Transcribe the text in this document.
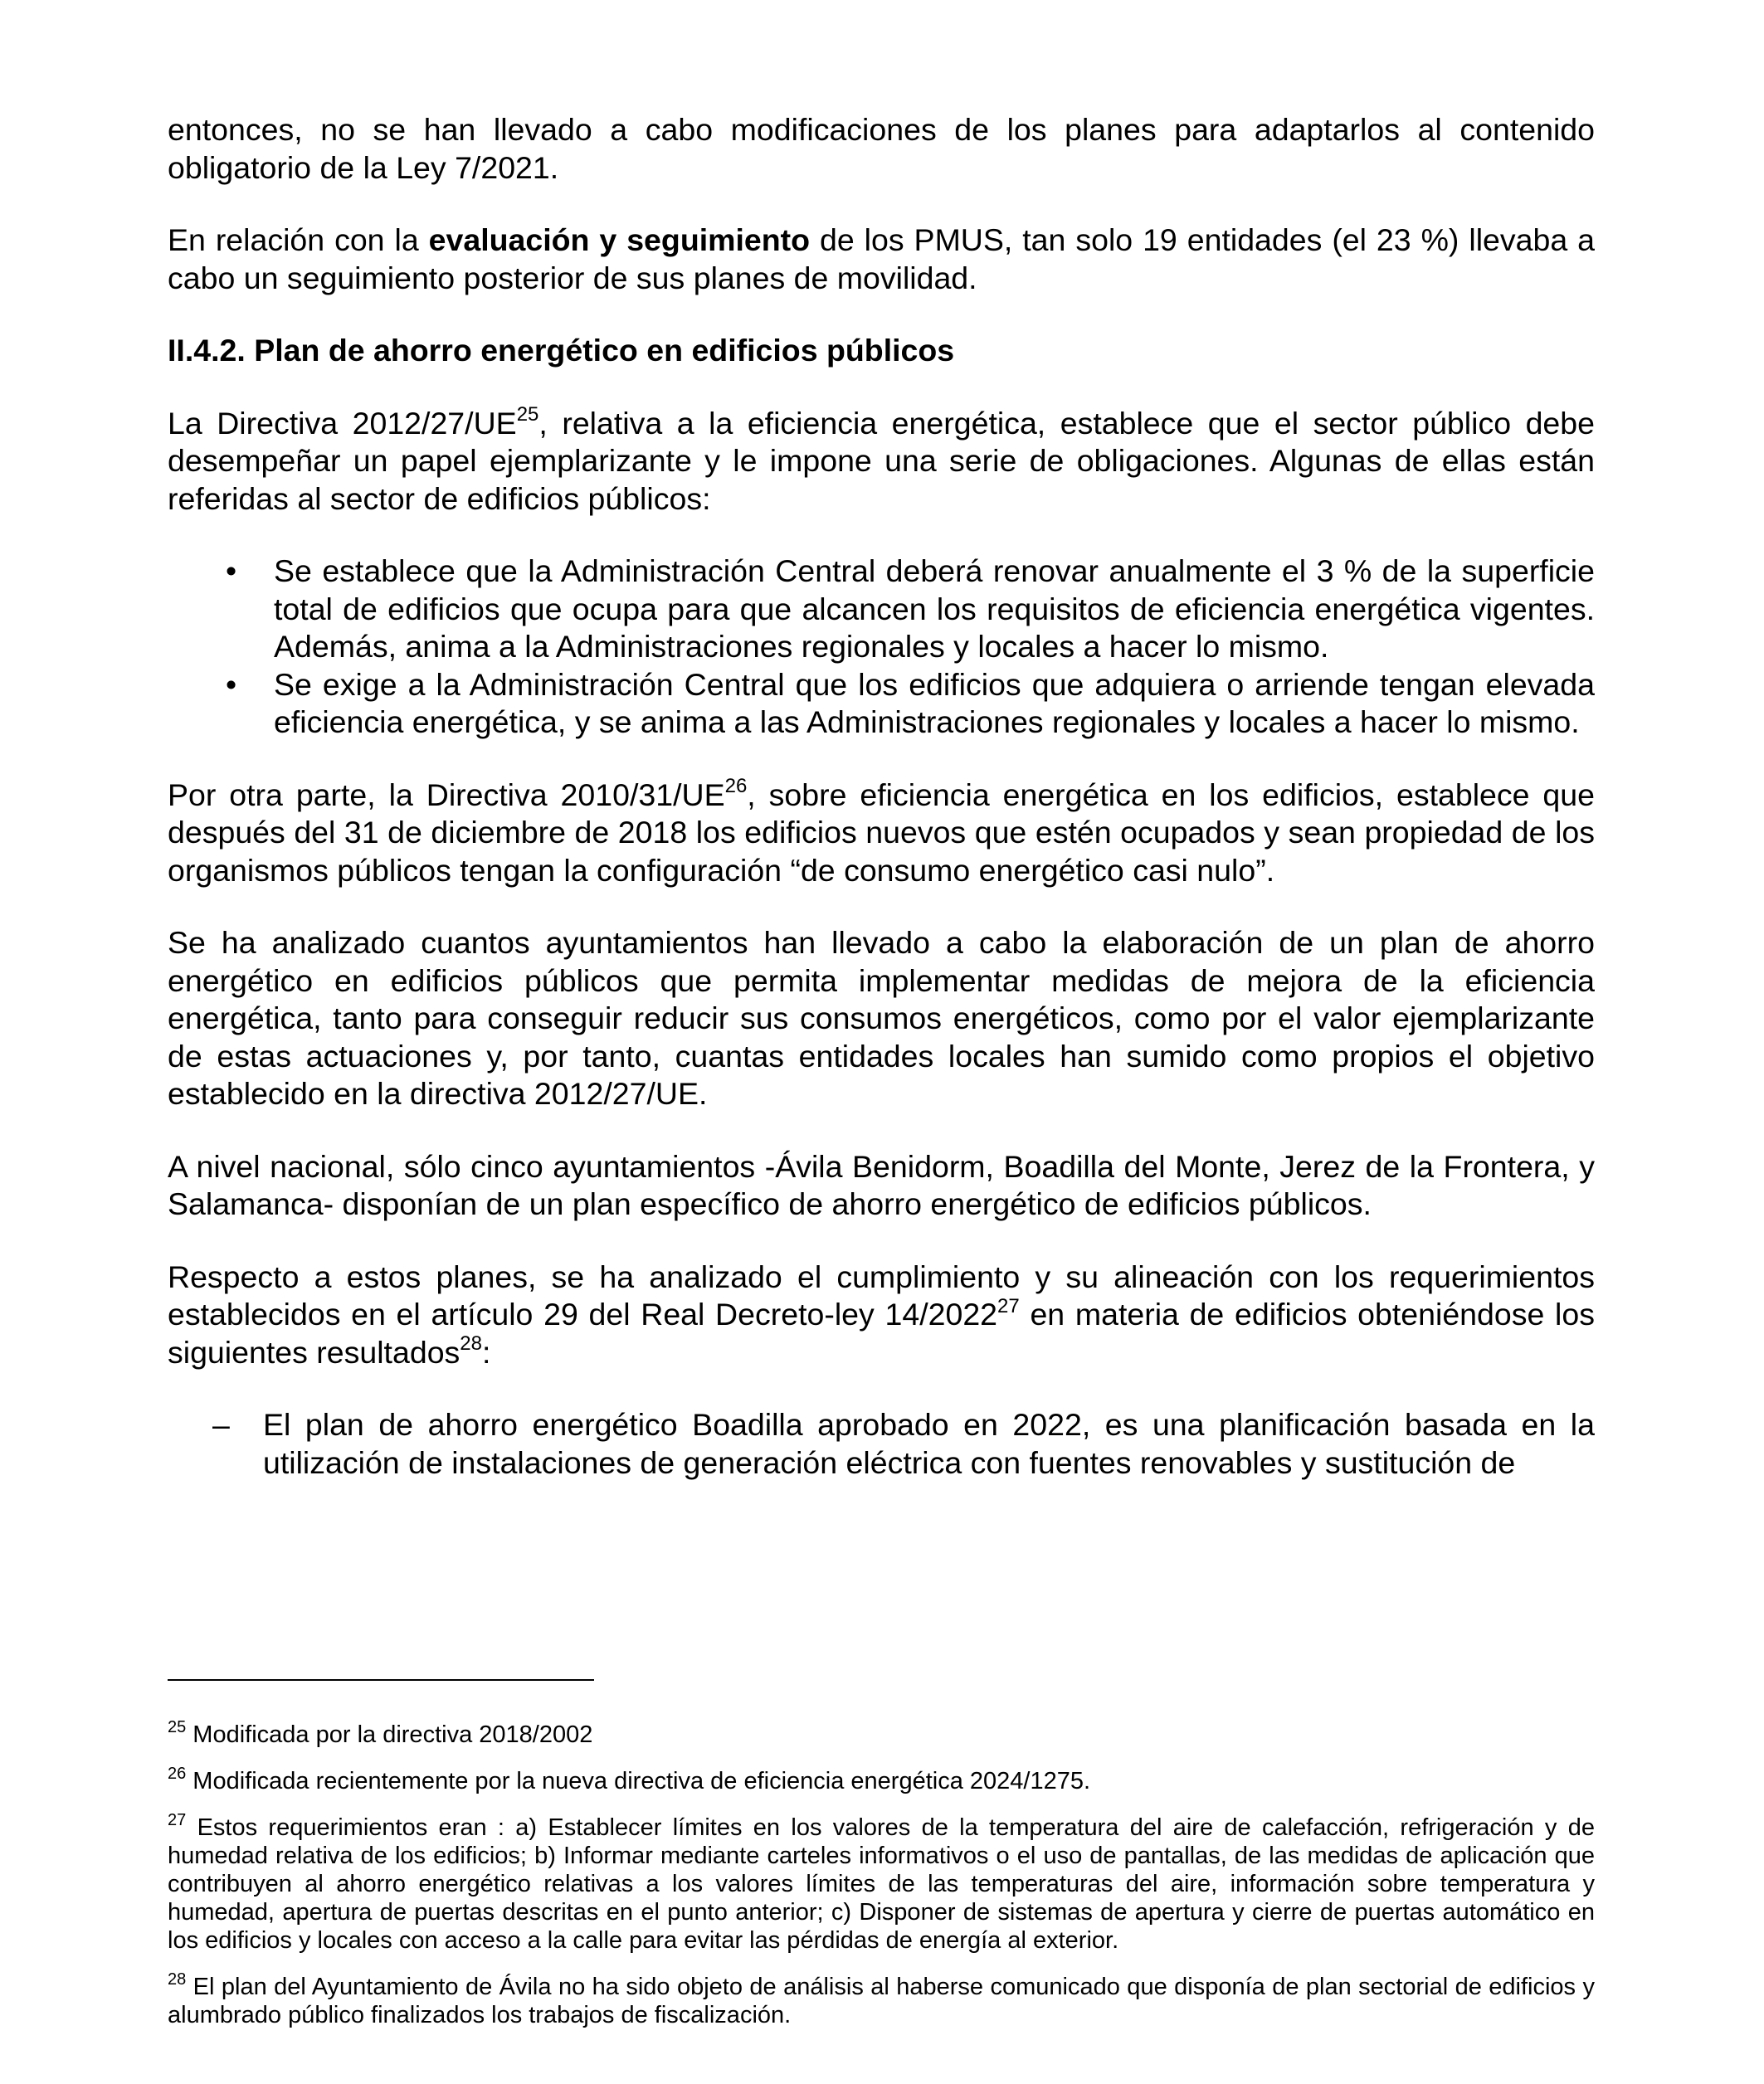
entonces, no se han llevado a cabo modificaciones de los planes para adaptarlos al contenido obligatorio de la Ley 7/2021.

En relación con la evaluación y seguimiento de los PMUS, tan solo 19 entidades (el 23 %) llevaba a cabo un seguimiento posterior de sus planes de movilidad.

II.4.2. Plan de ahorro energético en edificios públicos

La Directiva 2012/27/UE$^{25}$, relativa a la eficiencia energética, establece que el sector público debe desempeñar un papel ejemplarizante y le impone una serie de obligaciones. Algunas de ellas están referidas al sector de edificios públicos:

• Se establece que la Administración Central deberá renovar anualmente el 3 % de la superficie total de edificios que ocupa para que alcancen los requisitos de eficiencia energética vigentes. Además, anima a la Administraciones regionales y locales a hacer lo mismo.
• Se exige a la Administración Central que los edificios que adquiera o arriende tengan elevada eficiencia energética, y se anima a las Administraciones regionales y locales a hacer lo mismo.

Por otra parte, la Directiva 2010/31/UE$^{26}$, sobre eficiencia energética en los edificios, establece que después del 31 de diciembre de 2018 los edificios nuevos que estén ocupados y sean propiedad de los organismos públicos tengan la configuración “de consumo energético casi nulo”.

Se ha analizado cuantos ayuntamientos han llevado a cabo la elaboración de un plan de ahorro energético en edificios públicos que permita implementar medidas de mejora de la eficiencia energética, tanto para conseguir reducir sus consumos energéticos, como por el valor ejemplarizante de estas actuaciones y, por tanto, cuantas entidades locales han sumido como propios el objetivo establecido en la directiva 2012/27/UE.

A nivel nacional, sólo cinco ayuntamientos -Ávila Benidorm, Boadilla del Monte, Jerez de la Frontera, y Salamanca- disponían de un plan específico de ahorro energético de edificios públicos.

Respecto a estos planes, se ha analizado el cumplimiento y su alineación con los requerimientos establecidos en el artículo 29 del Real Decreto-ley 14/2022$^{27}$ en materia de edificios obteniéndose los siguientes resultados$^{28}$:

– El plan de ahorro energético Boadilla aprobado en 2022, es una planificación basada en la utilización de instalaciones de generación eléctrica con fuentes renovables y sustitución de

$^{25}$ Modificada por la directiva 2018/2002

$^{26}$ Modificada recientemente por la nueva directiva de eficiencia energética 2024/1275.

$^{27}$ Estos requerimientos eran : a) Establecer límites en los valores de la temperatura del aire de calefacción, refrigeración y de humedad relativa de los edificios; b) Informar mediante carteles informativos o el uso de pantallas, de las medidas de aplicación que contribuyen al ahorro energético relativas a los valores límites de las temperaturas del aire, información sobre temperatura y humedad, apertura de puertas descritas en el punto anterior; c) Disponer de sistemas de apertura y cierre de puertas automático en los edificios y locales con acceso a la calle para evitar las pérdidas de energía al exterior.

$^{28}$ El plan del Ayuntamiento de Ávila no ha sido objeto de análisis al haberse comunicado que disponía de plan sectorial de edificios y alumbrado público finalizados los trabajos de fiscalización.
